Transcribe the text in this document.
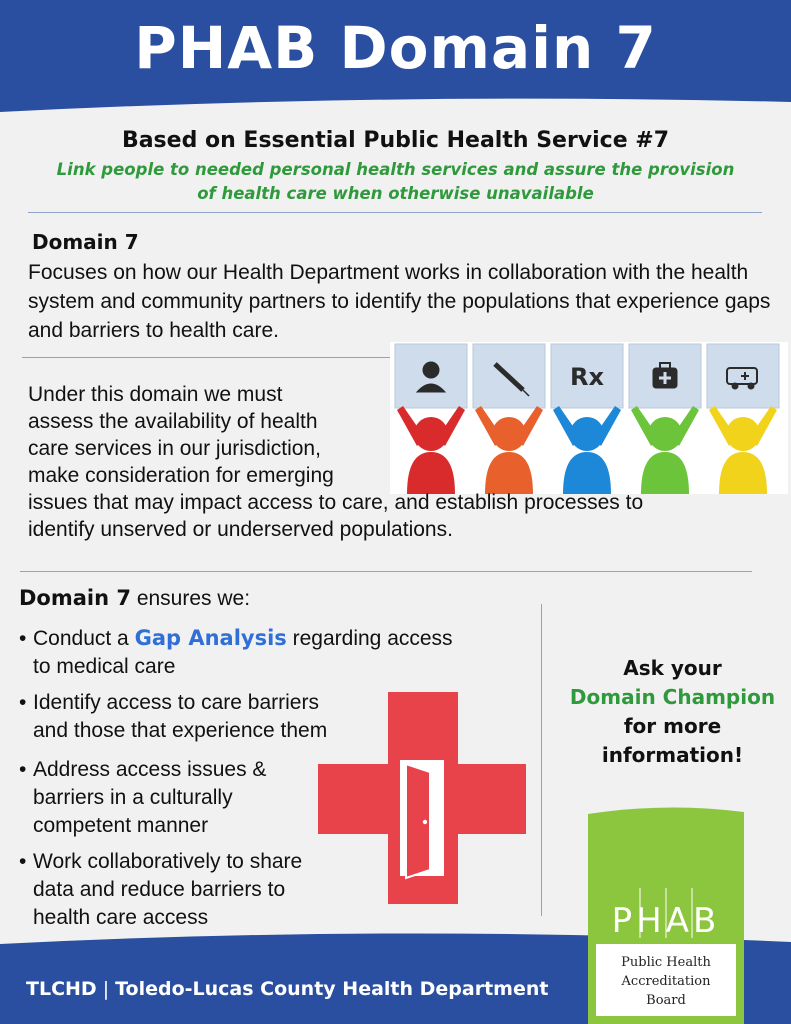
PHAB Domain 7
Based on Essential Public Health Service #7
Link people to needed personal health services and assure the provision
of health care when otherwise unavailable
Domain 7
Focuses on how our Health Department works in collaboration with the health system and community partners to identify the populations that experience gaps and barriers to health care.
Rx
Under this domain we must
assess the availability of health
care services in our jurisdiction,
make consideration for emerging
issues that may impact access to care, and establish processes to
identify unserved or underserved populations.
Domain 7 ensures we:
• Conduct a Gap Analysis regarding access
to medical care
• Identify access to care barriers
and those that experience them
• Address access issues &
barriers in a culturally
competent manner
• Work collaboratively to share
data and reduce barriers to
health care access
Ask your
Domain Champion
for more
information!
TLCHD | Toledo-Lucas County Health Department
PHAB
Public Health
Accreditation
Board
